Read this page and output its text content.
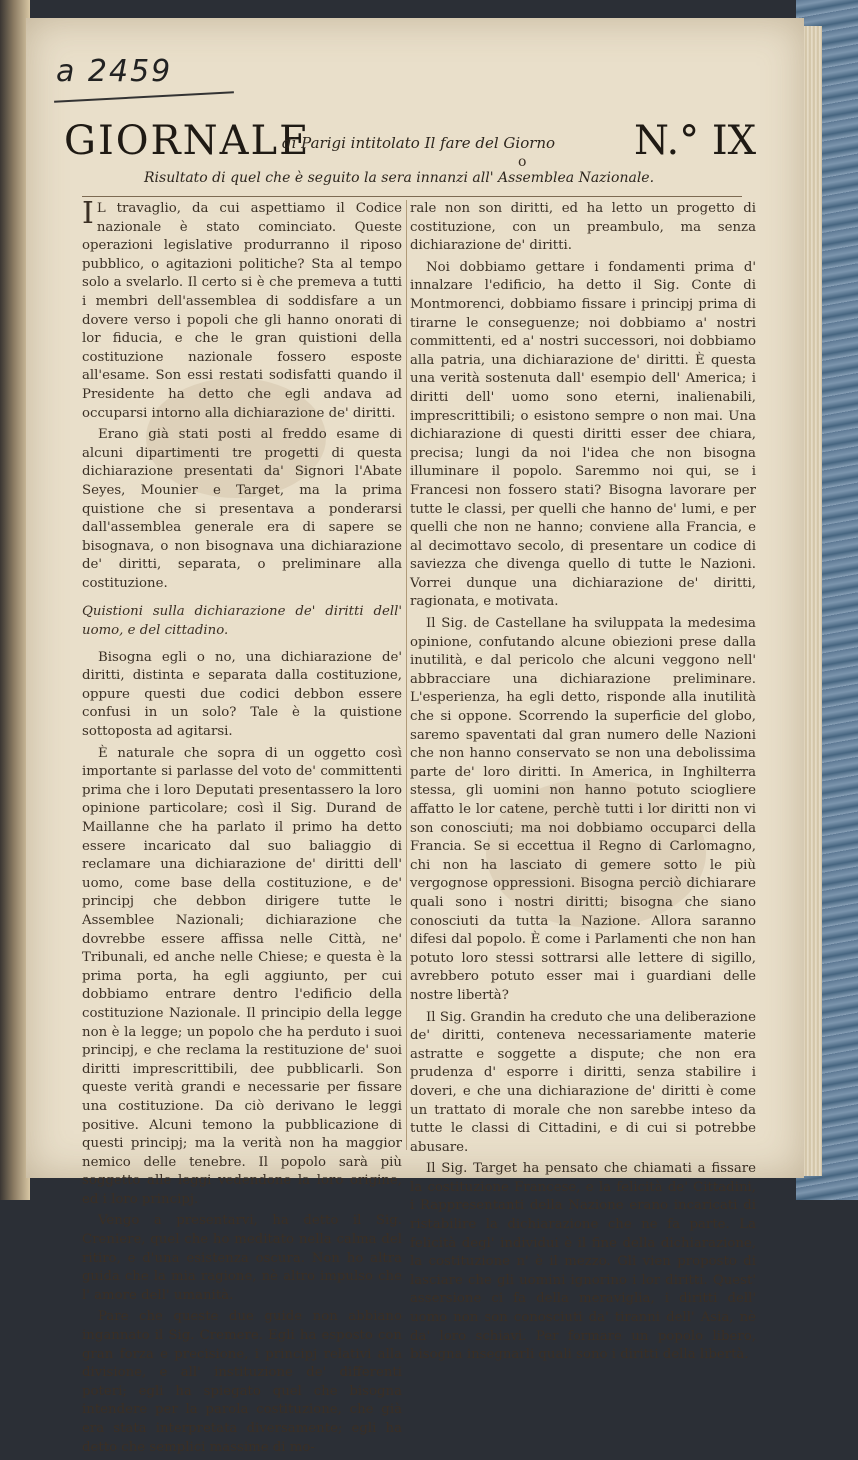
a 2459
GIORNALE
di Parigi intitolato Il fare del Giorno
o	N.° IX
Risultato di quel che è seguito la sera innanzi all' Assemblea Nazionale.

IL travaglio, da cui aspettiamo il Codice nazionale è stato cominciato. Queste operazioni legislative produrranno il riposo pubblico, o agitazioni politiche? Sta al tempo solo a svelarlo. Il certo si è che premeva a tutti i membri dell'assemblea di soddisfare a un dovere verso i popoli che gli hanno onorati di lor fiducia, e che le gran quistioni della costituzione nazionale fossero esposte all'esame. Son essi restati sodisfatti quando il Presidente ha detto che egli andava ad occuparsi intorno alla dichiarazione de' diritti.

Erano già stati posti al freddo esame di alcuni dipartimenti tre progetti di questa dichiarazione presentati da' Signori l'Abate Seyes, Mounier e Target, ma la prima quistione che si presentava a ponderarsi dall'assemblea generale era di sapere se bisognava, o non bisognava una dichiarazione de' diritti, separata, o preliminare alla costituzione.

Quistioni sulla dichiarazione de' diritti dell' uomo, e del cittadino.

Bisogna egli o no, una dichiarazione de' diritti, distinta e separata dalla costituzione, oppure questi due codici debbon essere confusi in un solo? Tale è la quistione sottoposta ad agitarsi.

È naturale che sopra di un oggetto così importante si parlasse del voto de' committenti prima che i loro Deputati presentassero la loro opinione particolare; così il Sig. Durand de Maillanne che ha parlato il primo ha detto essere incaricato dal suo baliaggio di reclamare una dichiarazione de' diritti dell' uomo, come base della costituzione, e de' principj che debbon dirigere tutte le Assemblee Nazionali; dichiarazione che dovrebbe essere affissa nelle Città, ne' Tribunali, ed anche nelle Chiese; e questa è la prima porta, ha egli aggiunto, per cui dobbiamo entrare dentro l'edificio della costituzione Nazionale. Il principio della legge non è la legge; un popolo che ha perduto i suoi principj, e che reclama la restituzione de' suoi diritti imprescrittibili, dee pubblicarli. Son queste verità grandi e necessarie per fissare una costituzione. Da ciò derivano le leggi positive. Alcuni temono la pubblicazione di questi principj; ma la verità non ha maggior nemico delle tenebre. Il popolo sarà più soggetto alle leggi vedendone la loro origine, ed i loro principj.

Vengo a presentarvi, ha detto il Sig. Creniere, quel che ho meditato nella calma del ritiro, e d'una esistenza oscura. Non ho altra guida che la mia ragione, nè altro impulso che l' amore dell' umanità.

Pare che queste due guide non abbiano ingannato il Sig. Cremere. Egli ha esposto con gran forza e precisione, i principj relativi alla divisione, e all' instituzione de' differenti poteri; egli ha spiegato quel che bisogna intendere per la parola costituzione, che già era stata interpretata diversamente; egli ha detto che semplici massime di mo-

rale non son diritti, ed ha letto un progetto di costituzione, con un preambulo, ma senza dichiarazione de' diritti.

Noi dobbiamo gettare i fondamenti prima d' innalzare l'edificio, ha detto il Sig. Conte di Montmorenci, dobbiamo fissare i principj prima di tirarne le conseguenze; noi dobbiamo a' nostri committenti, ed a' nostri successori, noi dobbiamo alla patria, una dichiarazione de' diritti. È questa una verità sostenuta dall' esempio dell' America; i diritti dell' uomo sono eterni, inalienabili, imprescrittibili; o esistono sempre o non mai. Una dichiarazione di questi diritti esser dee chiara, precisa; lungi da noi l'idea che non bisogna illuminare il popolo. Saremmo noi qui, se i Francesi non fossero stati? Bisogna lavorare per tutte le classi, per quelli che hanno de' lumi, e per quelli che non ne hanno; conviene alla Francia, e al decimottavo secolo, di presentare un codice di saviezza che divenga quello di tutte le Nazioni. Vorrei dunque una dichiarazione de' diritti, ragionata, e motivata.

Il Sig. de Castellane ha sviluppata la medesima opinione, confutando alcune obiezioni prese dalla inutilità, e dal pericolo che alcuni veggono nell' abbracciare una dichiarazione preliminare. L'esperienza, ha egli detto, risponde alla inutilità che si oppone. Scorrendo la superficie del globo, saremo spaventati dal gran numero delle Nazioni che non hanno conservato se non una debolissima parte de' loro diritti. In America, in Inghilterra stessa, gli uomini non hanno potuto sciogliere affatto le lor catene, perchè tutti i lor diritti non vi son conosciuti; ma noi dobbiamo occuparci della Francia. Se si eccettua il Regno di Carlomagno, chi non ha lasciato di gemere sotto le più vergognose oppressioni. Bisogna perciò dichiarare quali sono i nostri diritti; bisogna che siano conosciuti da tutta la Nazione. Allora saranno difesi dal popolo. È come i Parlamenti che non han potuto loro stessi sottrarsi alle lettere di sigillo, avrebbero potuto esser mai i guardiani delle nostre libertà?

Il Sig. Grandin ha creduto che una deliberazione de' diritti, conteneva necessariamente materie astratte e soggette a dispute; che non era prudenza d' esporre i diritti, senza stabilire i doveri, e che una dichiarazione de' diritti è come un trattato di morale che non sarebbe inteso da tutte le classi di Cittadini, e di cui si potrebbe abusare.

Il Sig. Target ha pensato che chiamati a fissare la costituzione Francese, e la felicità de' Cittadini, i Rappresentanti della Nazione erano incaricati di ristabilire la dichiarazione che ne fa parte. La felicità degl' individui è il fine della dichiarazione, la costituzione n' è il mezzo. Gli vien proposto di lasciare che gli uomini ignorino i lor diritti. Quest' assersione ci fa della meraviglia, i diritti dell' uomo non son conosciuti da' tiranni dell' Asia, nè da' loro schiavi. Per formare un popolo libero, bisogna insegnarli quali sono i diritti della libertà.
